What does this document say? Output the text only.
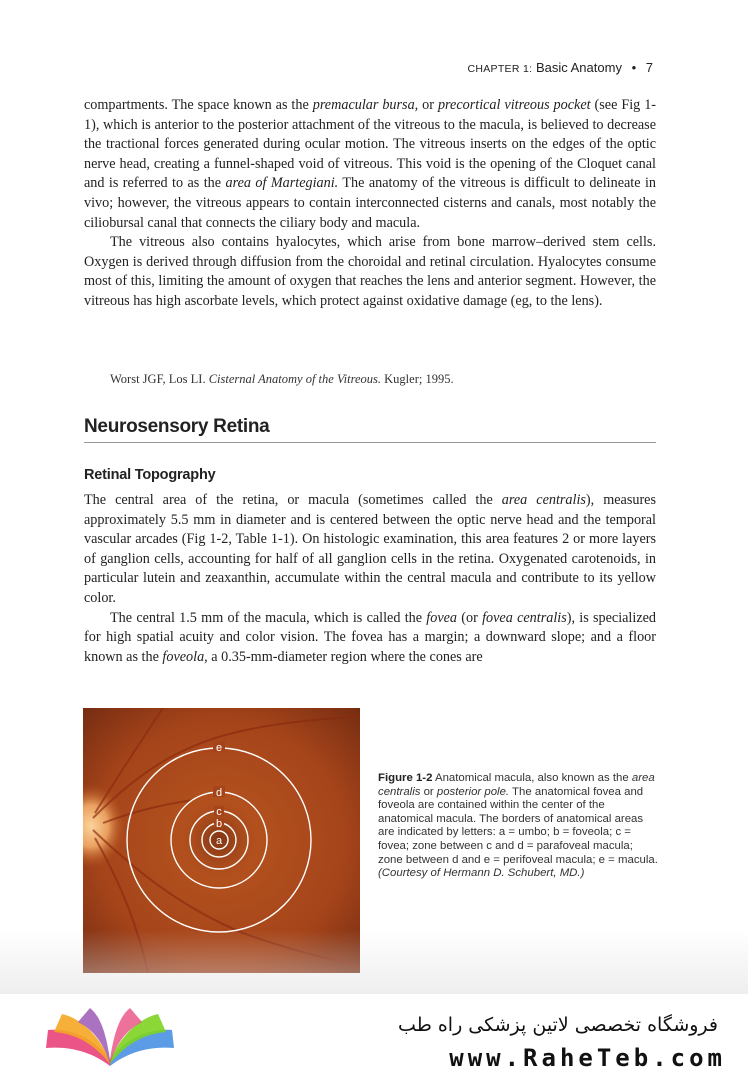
CHAPTER 1: Basic Anatomy • 7

compartments. The space known as the premacular bursa, or precortical vitreous pocket (see Fig 1-1), which is anterior to the posterior attachment of the vitreous to the macula, is believed to decrease the tractional forces generated during ocular motion. The vitreous inserts on the edges of the optic nerve head, creating a funnel-shaped void of vitreous. This void is the opening of the Cloquet canal and is referred to as the area of Martegiani. The anatomy of the vitreous is difficult to delineate in vivo; however, the vitreous appears to contain interconnected cisterns and canals, most notably the ciliobursal canal that connects the ciliary body and macula.

The vitreous also contains hyalocytes, which arise from bone marrow–derived stem cells. Oxygen is derived through diffusion from the choroidal and retinal circulation. Hyalocytes consume most of this, limiting the amount of oxygen that reaches the lens and anterior segment. However, the vitreous has high ascorbate levels, which protect against oxidative damage (eg, to the lens).

Worst JGF, Los LI. Cisternal Anatomy of the Vitreous. Kugler; 1995.
Neurosensory Retina
Retinal Topography

The central area of the retina, or macula (sometimes called the area centralis), measures approximately 5.5 mm in diameter and is centered between the optic nerve head and the temporal vascular arcades (Fig 1-2, Table 1-1). On histologic examination, this area features 2 or more layers of ganglion cells, accounting for half of all ganglion cells in the retina. Oxygenated carotenoids, in particular lutein and zeaxanthin, accumulate within the central macula and contribute to its yellow color.

The central 1.5 mm of the macula, which is called the fovea (or fovea centralis), is specialized for high spatial acuity and color vision. The fovea has a margin; a downward slope; and a floor known as the foveola, a 0.35-mm-diameter region where the cones are

e
d
c
b
a
Figure 1-2 Anatomical macula, also known as the area centralis or posterior pole. The anatomical fovea and foveola are contained within the center of the anatomical macula. The borders of anatomical areas are indicated by letters: a = umbo; b = foveola; c = fovea; zone between c and d = parafoveal macula; zone between d and e = perifoveal macula; e = macula. (Courtesy of Hermann D. Schubert, MD.)
فروشگاه تخصصی لاتین پزشکی راه طب
www.RaheTeb.com
